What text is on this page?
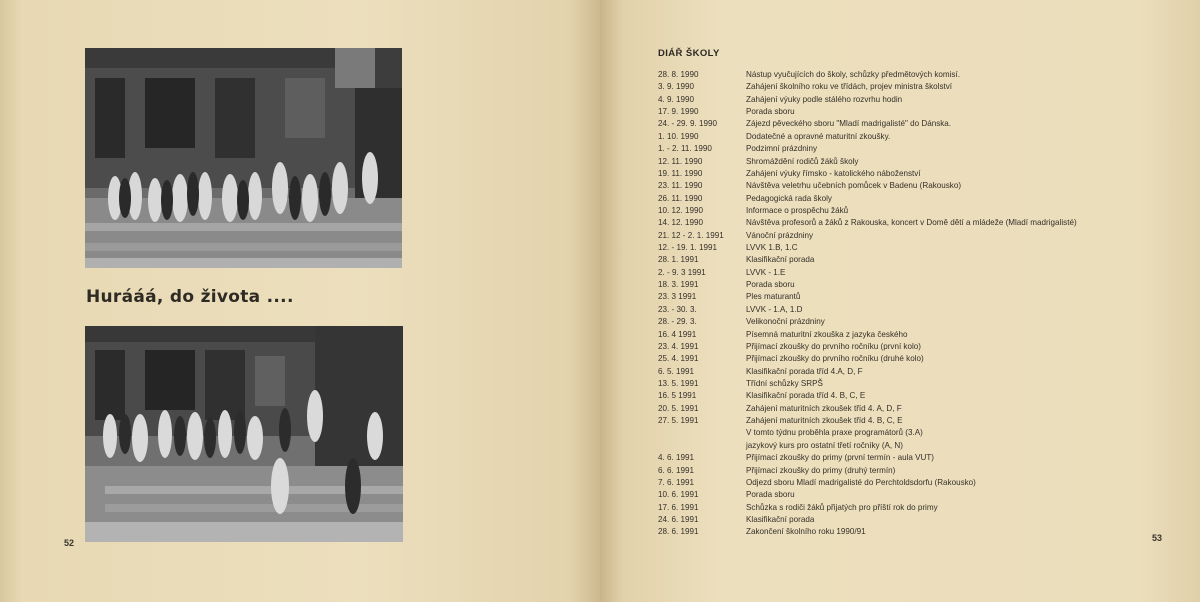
Hurááá, do života ....
52
DIÁŘ ŠKOLY
28. 8. 1990	Nástup vyučujících do školy, schůzky předmětových komisí.
3. 9. 1990	Zahájení školního roku ve třídách, projev ministra školství
4. 9. 1990	Zahájení výuky podle stálého rozvrhu hodin
17. 9. 1990	Porada sboru
24. - 29. 9. 1990	Zájezd pěveckého sboru "Mladí madrigalisté" do Dánska.
1. 10. 1990	Dodatečné a opravné maturitní zkoušky.
1. - 2. 11. 1990	Podzimní prázdniny
12. 11. 1990	Shromáždění rodičů žáků školy
19. 11. 1990	Zahájení výuky římsko - katolického náboženství
23. 11. 1990	Návštěva veletrhu učebních pomůcek v Badenu (Rakousko)
26. 11. 1990	Pedagogická rada školy
10. 12. 1990	Informace o prospěchu žáků
14. 12. 1990	Návštěva profesorů a žáků z Rakouska, koncert v Domě dětí a mládeže (Mladí madrigalisté)
21. 12 - 2. 1. 1991	Vánoční prázdniny
12. - 19. 1. 1991	LVVK 1.B, 1.C
28. 1. 1991	Klasifikační porada
2. - 9. 3 1991	LVVK - 1.E
18. 3. 1991	Porada sboru
23. 3 1991	Ples maturantů
23. - 30. 3.	LVVK - 1.A, 1.D
28. - 29. 3.	Velikonoční prázdniny
16. 4 1991	Písemná maturitní zkouška z jazyka českého
23. 4. 1991	Přijímací zkoušky do prvního ročníku (první kolo)
25. 4. 1991	Přijímací zkoušky do prvního ročníku (druhé kolo)
6. 5. 1991	Klasifikační porada tříd 4.A, D, F
13. 5. 1991	Třídní schůzky SRPŠ
16. 5 1991	Klasifikační porada tříd 4. B, C, E
20. 5. 1991	Zahájení maturitních zkoušek tříd 4. A, D, F
27. 5. 1991	Zahájení maturitních zkoušek tříd 4. B, C, E
V tomto týdnu proběhla praxe programátorů (3.A)
jazykový kurs pro ostatní třetí ročníky (A, N)
4. 6. 1991	Přijímací zkoušky do primy (první termín - aula VUT)
6. 6. 1991	Přijímací zkoušky do primy (druhý termín)
7. 6. 1991	Odjezd sboru Mladí madrigalisté do Perchtoldsdorfu (Rakousko)
10. 6. 1991	Porada sboru
17. 6. 1991	Schůzka s rodiči žáků přijatých pro příští rok do primy
24. 6. 1991	Klasifikační porada
28. 6. 1991	Zakončení školního roku 1990/91
53
